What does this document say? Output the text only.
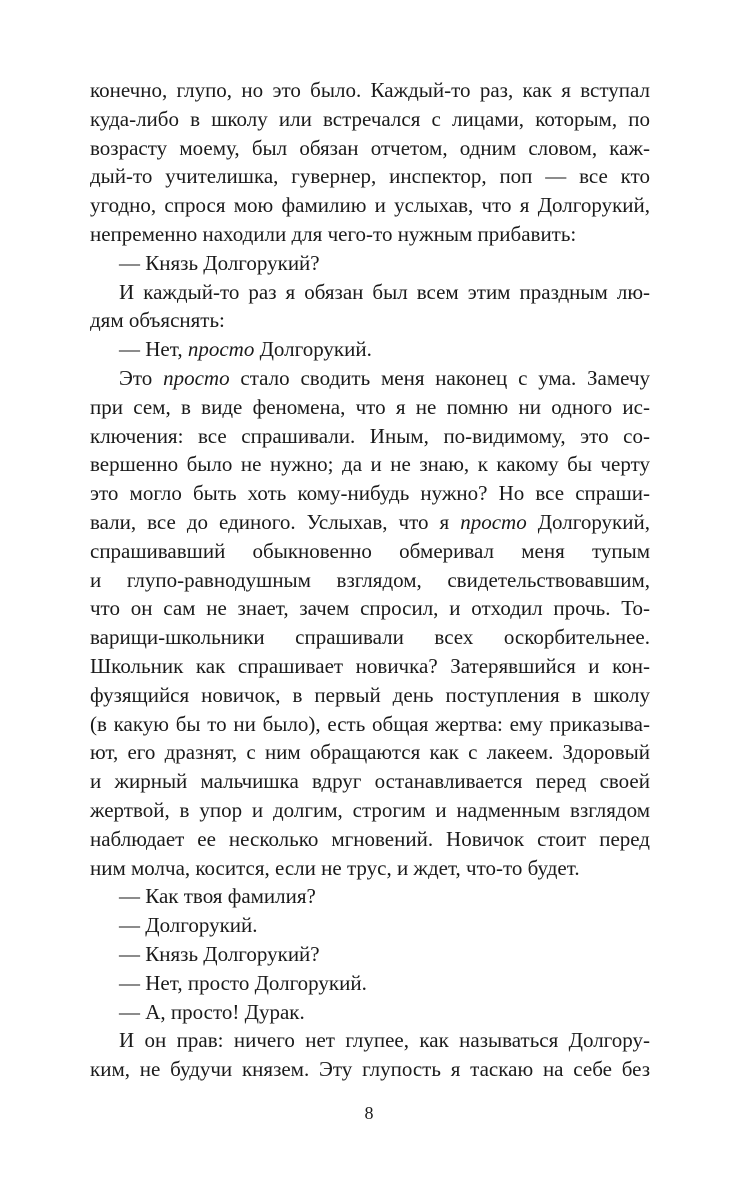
конечно, глупо, но это было. Каждый-то раз, как я вступал
куда-либо в школу или встречался с лицами, которым, по
возрасту моему, был обязан отчетом, одним словом, каж-
дый-то учителишка, гувернер, инспектор, поп — все кто
угодно, спрося мою фамилию и услыхав, что я Долгорукий,
непременно находили для чего-то нужным прибавить:
— Князь Долгорукий?
И каждый-то раз я обязан был всем этим праздным лю-
дям объяснять:
— Нет, просто Долгорукий.
Это просто стало сводить меня наконец с ума. Замечу
при сем, в виде феномена, что я не помню ни одного ис-
ключения: все спрашивали. Иным, по-видимому, это со-
вершенно было не нужно; да и не знаю, к какому бы черту
это могло быть хоть кому-нибудь нужно? Но все спраши-
вали, все до единого. Услыхав, что я просто Долгорукий,
спрашивавший обыкновенно обмеривал меня тупым
и глупо-равнодушным взглядом, свидетельствовавшим,
что он сам не знает, зачем спросил, и отходил прочь. То-
варищи-школьники спрашивали всех оскорбительнее.
Школьник как спрашивает новичка? Затерявшийся и кон-
фузящийся новичок, в первый день поступления в школу
(в какую бы то ни было), есть общая жертва: ему приказыва-
ют, его дразнят, с ним обращаются как с лакеем. Здоровый
и жирный мальчишка вдруг останавливается перед своей
жертвой, в упор и долгим, строгим и надменным взглядом
наблюдает ее несколько мгновений. Новичок стоит перед
ним молча, косится, если не трус, и ждет, что-то будет.
— Как твоя фамилия?
— Долгорукий.
— Князь Долгорукий?
— Нет, просто Долгорукий.
— А, просто! Дурак.
И он прав: ничего нет глупее, как называться Долгору-
ким, не будучи князем. Эту глупость я таскаю на себе без
8
